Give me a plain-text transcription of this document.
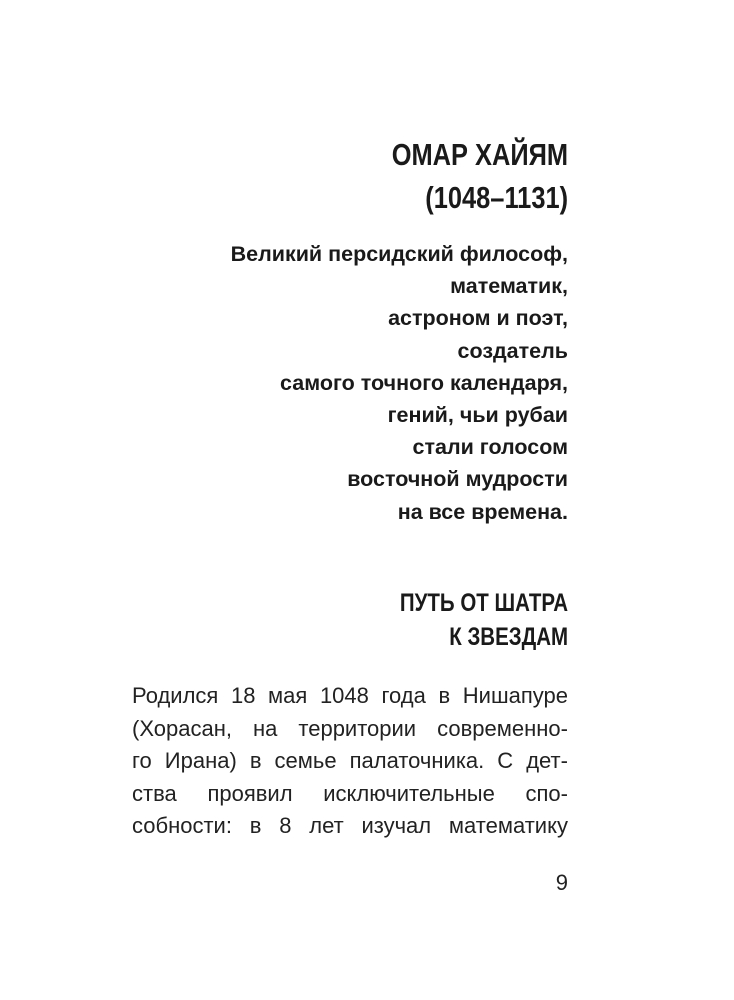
ОМАР ХАЙЯМ
(1048–1131)
Великий персидский философ,
математик,
астроном и поэт,
создатель
самого точного календаря,
гений, чьи рубаи
стали голосом
восточной мудрости
на все времена.
ПУТЬ ОТ ШАТРА
К ЗВЕЗДАМ
Родился 18 мая 1048 года в Нишапуре
(Хорасан, на территории современно-
го Ирана) в семье палаточника. С дет-
ства проявил исключительные спо-
собности: в 8 лет изучал математику
9
